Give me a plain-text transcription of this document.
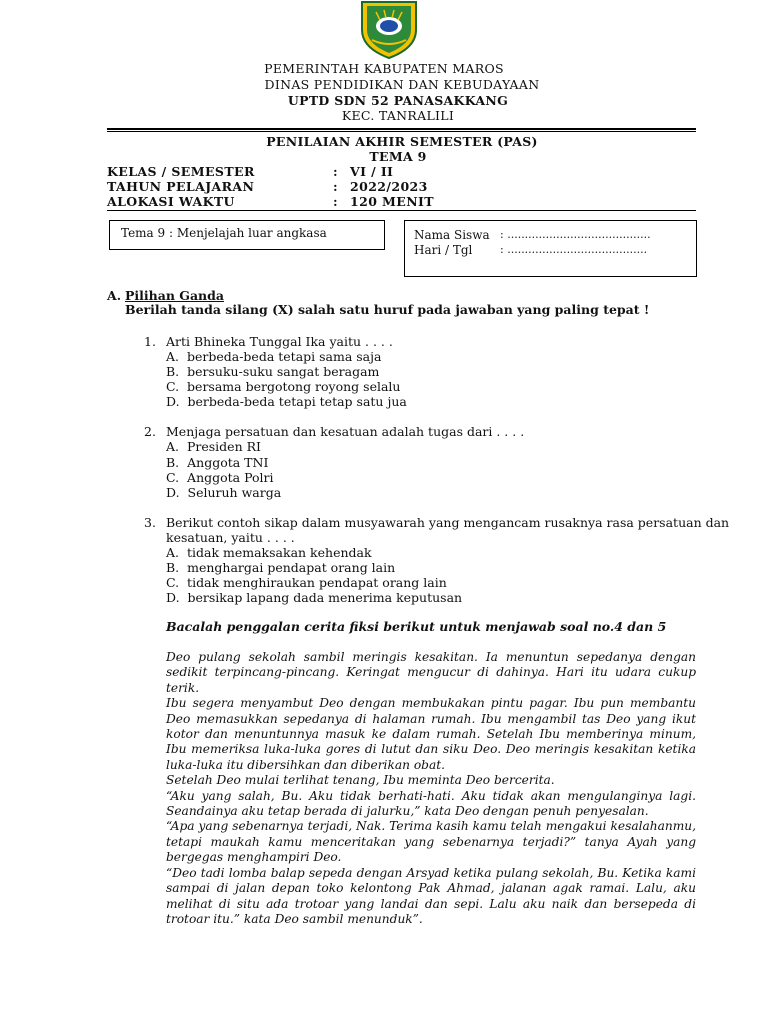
PEMERINTAH KABUPATEN MAROS
DINAS PENDIDIKAN DAN KEBUDAYAAN
UPTD SDN 52 PANASAKKANG
KEC. TANRALILI
PENILAIAN AKHIR SEMESTER (PAS)
TEMA 9
KELAS / SEMESTER	: VI / II
TAHUN PELAJARAN	: 2022/2023
ALOKASI WAKTU	: 120 MENIT
Tema 9 : Menjelajah luar angkasa	Nama Siswa : .........................................
Hari / Tgl	: ........................................
A. Pilihan Ganda
Berilah tanda silang (X) salah satu huruf pada jawaban yang paling tepat !
1. Arti Bhineka Tunggal Ika yaitu . . . .
A. berbeda-beda tetapi sama saja
B. bersuku-suku sangat beragam
C. bersama bergotong royong selalu
D. berbeda-beda tetapi tetap satu jua
2. Menjaga persatuan dan kesatuan adalah tugas dari . . . .
A. Presiden RI
B. Anggota TNI
C. Anggota Polri
D. Seluruh warga
3. Berikut contoh sikap dalam musyawarah yang mengancam rusaknya rasa persatuan dan
kesatuan, yaitu . . . .
A. tidak memaksakan kehendak
B. menghargai pendapat orang lain
C. tidak menghiraukan pendapat orang lain
D. bersikap lapang dada menerima keputusan
Bacalah penggalan cerita fiksi berikut untuk menjawab soal no.4 dan 5

Deo pulang sekolah sambil meringis kesakitan. Ia menuntun sepedanya dengan sedikit terpincang-pincang. Keringat mengucur di dahinya. Hari itu udara cukup terik.

Ibu segera menyambut Deo dengan membukakan pintu pagar. Ibu pun membantu Deo memasukkan sepedanya di halaman rumah. Ibu mengambil tas Deo yang ikut kotor dan menuntunnya masuk ke dalam rumah. Setelah Ibu memberinya minum, Ibu memeriksa luka-luka gores di lutut dan siku Deo. Deo meringis kesakitan ketika luka-luka itu dibersihkan dan diberikan obat.

Setelah Deo mulai terlihat tenang, Ibu meminta Deo bercerita.

“Aku yang salah, Bu. Aku tidak berhati-hati. Aku tidak akan mengulanginya lagi. Seandainya aku tetap berada di jalurku,” kata Deo dengan penuh penyesalan.

“Apa yang sebenarnya terjadi, Nak. Terima kasih kamu telah mengakui kesalahanmu, tetapi maukah kamu menceritakan yang sebenarnya terjadi?” tanya Ayah yang bergegas menghampiri Deo.

“Deo tadi lomba balap sepeda dengan Arsyad ketika pulang sekolah, Bu. Ketika kami sampai di jalan depan toko kelontong Pak Ahmad, jalanan agak ramai. Lalu, aku melihat di situ ada trotoar yang landai dan sepi. Lalu aku naik dan bersepeda di trotoar itu.” kata Deo sambil menunduk”.
